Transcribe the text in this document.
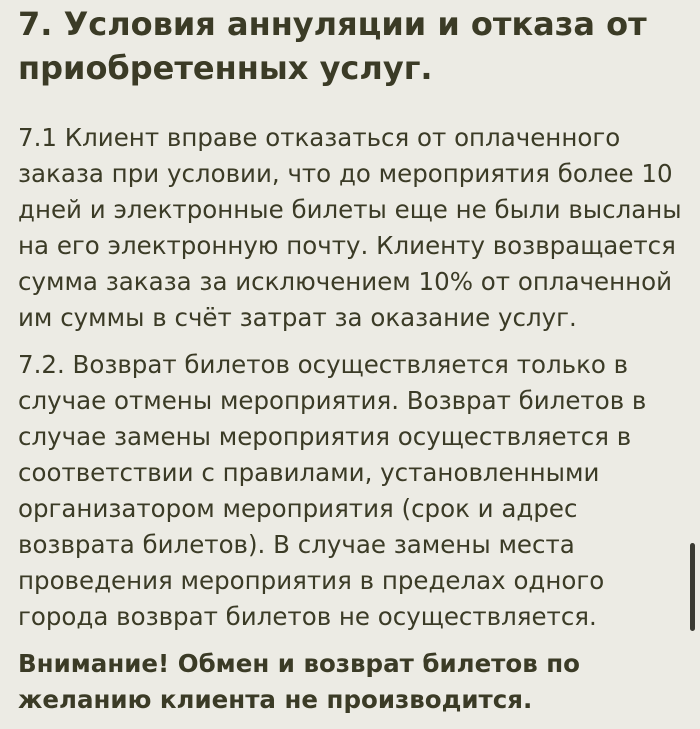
7. Условия аннуляции и отказа от приобретенных услуг.

7.1 Клиент вправе отказаться от оплаченного заказа при условии, что до мероприятия более 10 дней и электронные билеты еще не были высланы на его электронную почту. Клиенту возвращается сумма заказа за исключением 10% от оплаченной им суммы в счёт затрат за оказание услуг.

7.2. Возврат билетов осуществляется только в случае отмены мероприятия. Возврат билетов в случае замены мероприятия осуществляется в соответствии с правилами, установленными организатором мероприятия (срок и адрес возврата билетов). В случае замены места проведения мероприятия в пределах одного города возврат билетов не осуществляется.

Внимание! Обмен и возврат билетов по желанию клиента не производится.
